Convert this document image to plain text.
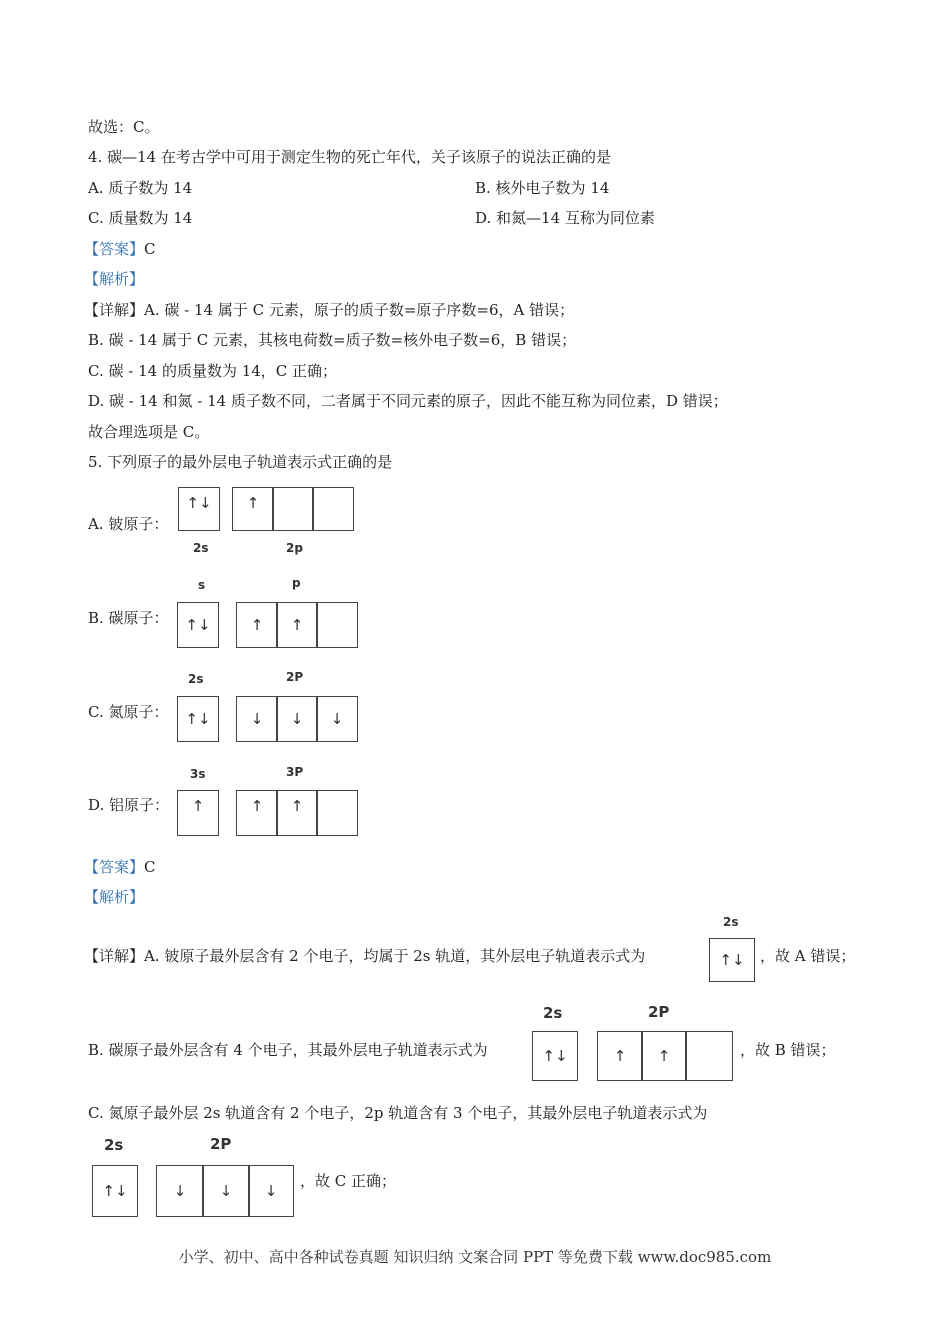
故选：C。
4. 碳—14 在考古学中可用于测定生物的死亡年代，关子该原子的说法正确的是
A. 质子数为 14	B. 核外电子数为 14
C. 质量数为 14	D. 和氮—14 互称为同位素
【答案】C
【解析】
【详解】A. 碳 - 14 属于 C 元素，原子的质子数=原子序数=6，A 错误；
B. 碳 - 14 属于 C 元素，其核电荷数=质子数=核外电子数=6，B 错误；
C. 碳 - 14 的质量数为 14，C 正确；
D. 碳 - 14 和氮 - 14 质子数不同，二者属于不同元素的原子，因此不能互称为同位素，D 错误；
故合理选项是 C。
5. 下列原子的最外层电子轨道表示式正确的是
A. 铍原子：
↑↓	↑
2s	2p
s	p
B. 碳原子：	↑↓	↑	↑
2s	2P
C. 氮原子：	↑↓	↓	↓	↓
3s	3P
D. 铝原子：	↑	↑	↑
【答案】C
【解析】
2s
【详解】A. 铍原子最外层含有 2 个电子，均属于 2s 轨道，其外层电子轨道表示式为	↑↓	，故 A 错误；
2s	2P
B. 碳原子最外层含有 4 个电子，其最外层电子轨道表示式为	↑↓	↑	↑	，故 B 错误；
C. 氮原子最外层 2s 轨道含有 2 个电子，2p 轨道含有 3 个电子，其最外层电子轨道表示式为
2s	2P
↑↓	↓	↓	↓
，故 C 正确；
小学、初中、高中各种试卷真题 知识归纳 文案合同 PPT 等免费下载 www.doc985.com
